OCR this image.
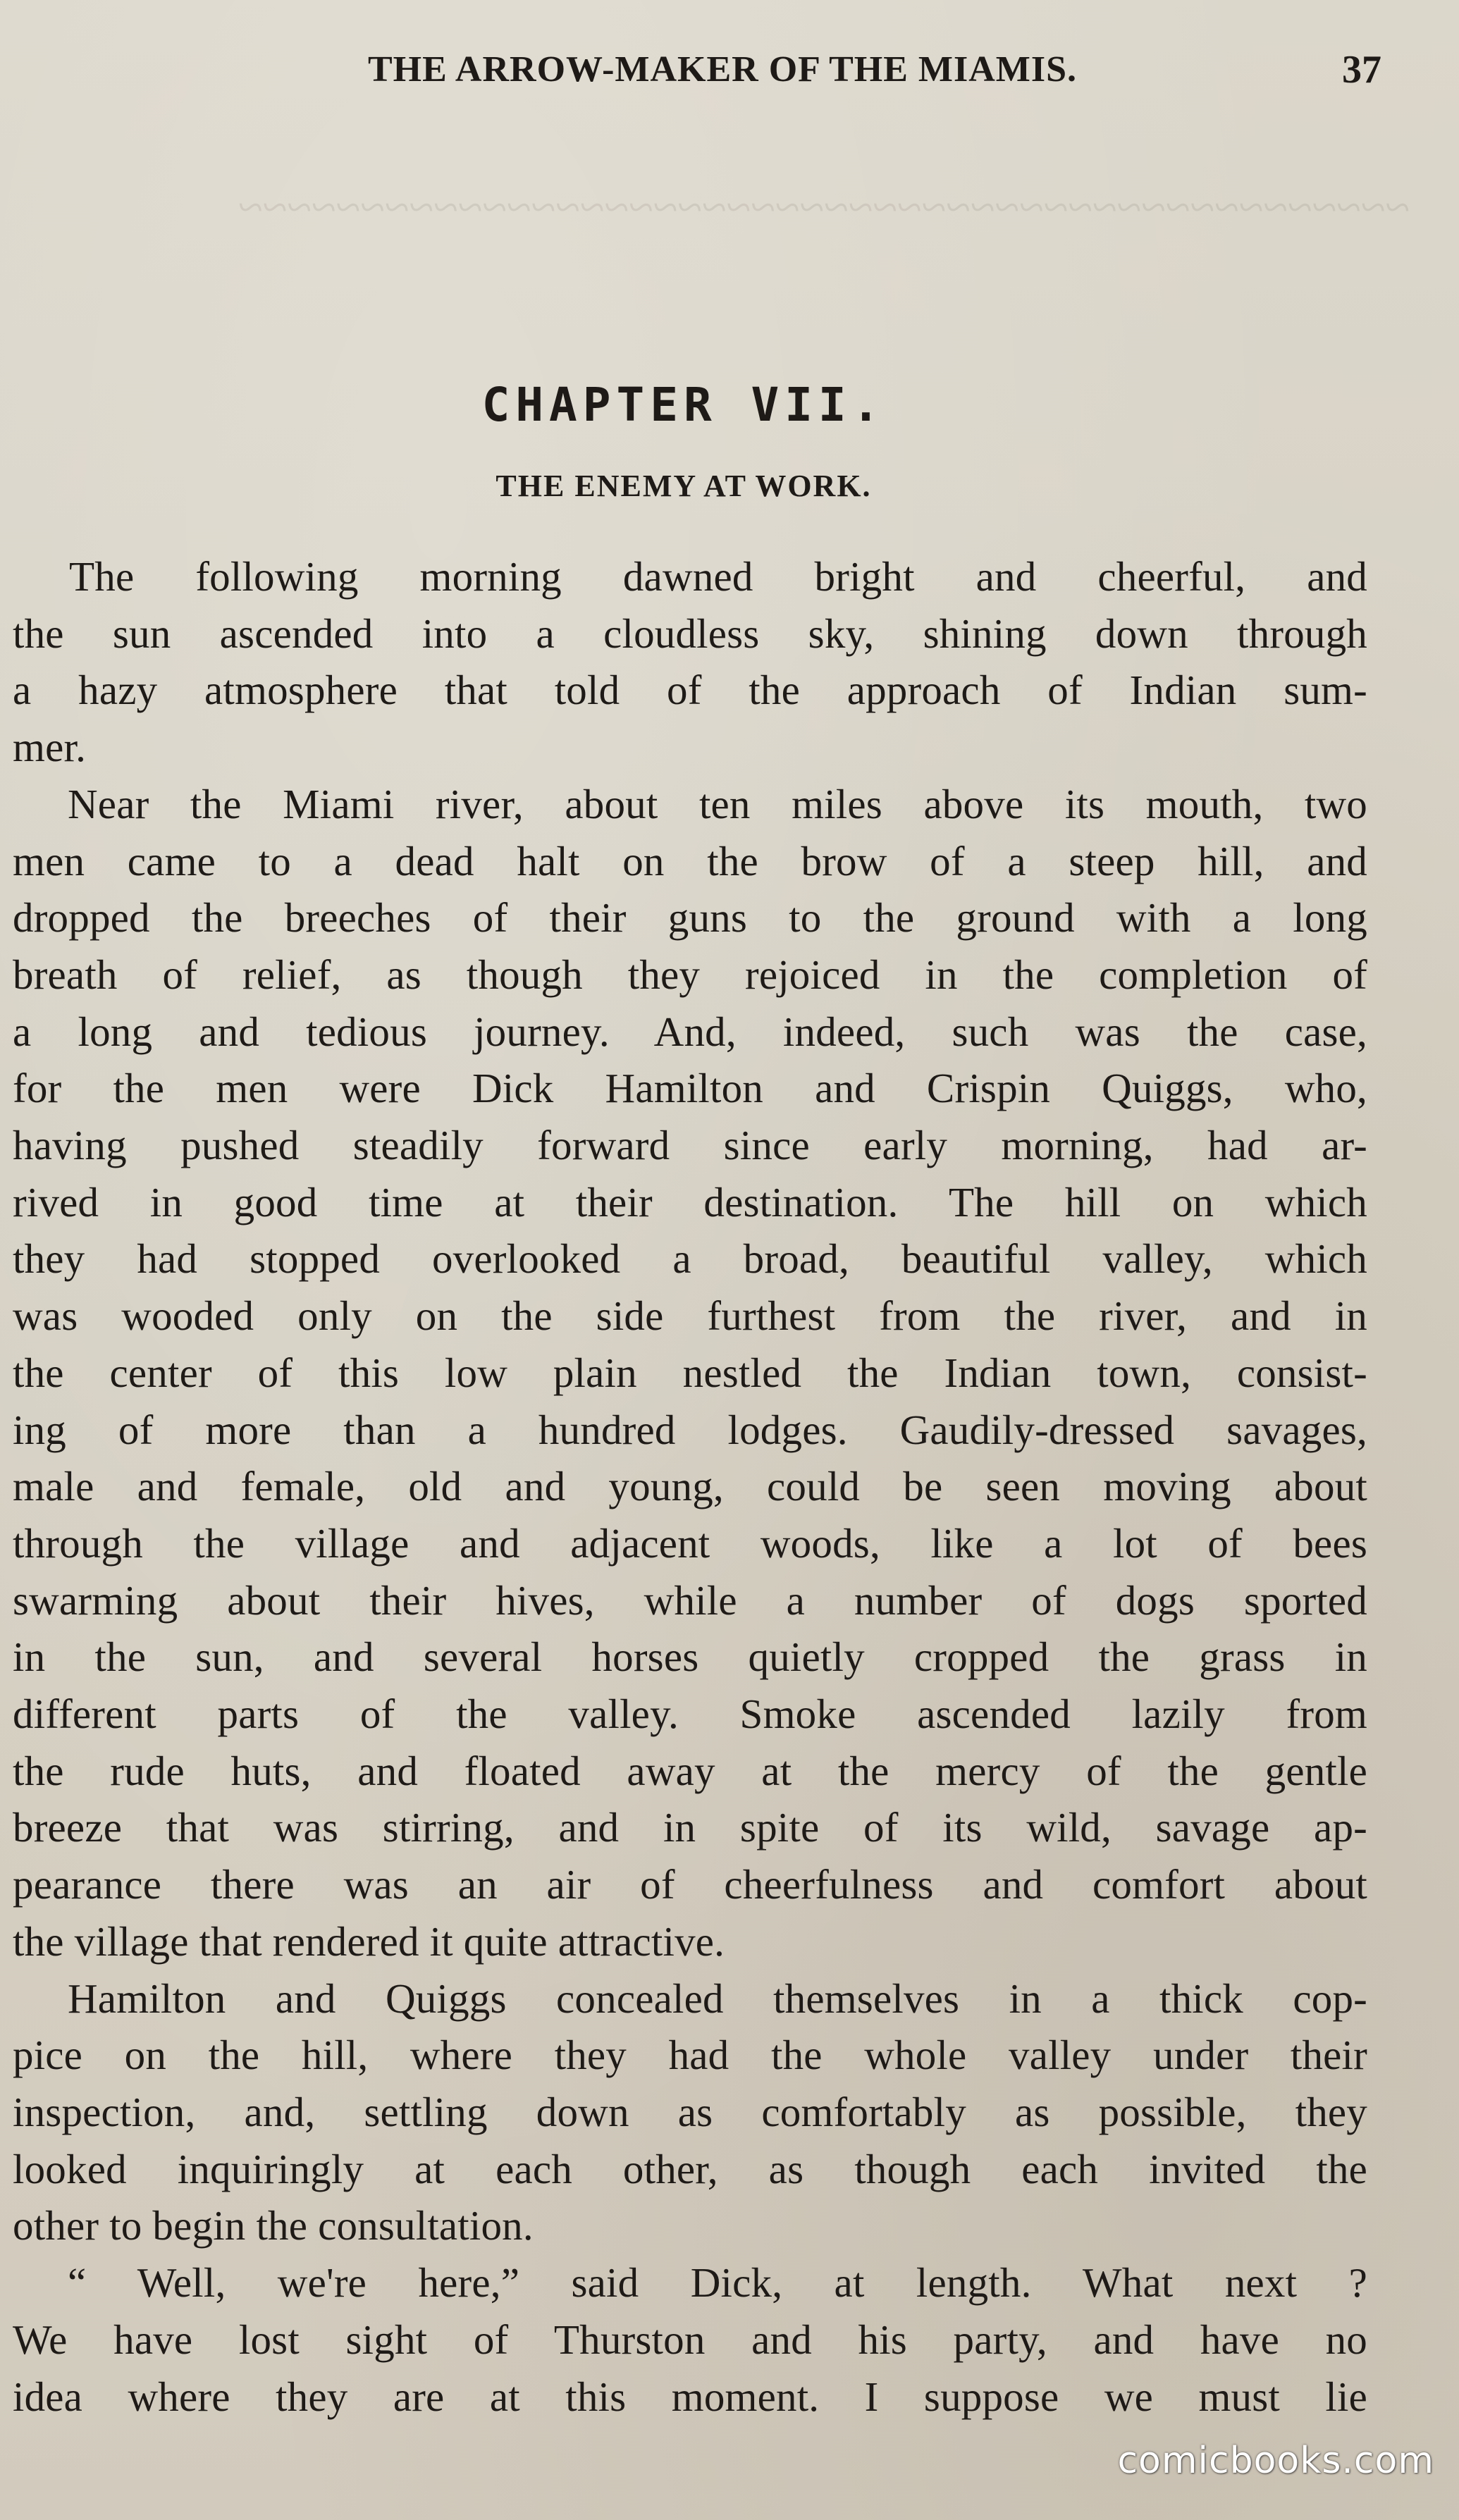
~~~~~~~~~~~~~~~~~~~~~~~~~~~~~~~~~~~~~~~~~~~~~~~~

THE ARROW-MAKER OF THE MIAMIS.	37
CHAPTER VII.
THE ENEMY AT WORK.

The following morning dawned bright and cheerful, and
the sun ascended into a cloudless sky, shining down through
a hazy atmosphere that told of the approach of Indian sum-
mer.

Near the Miami river, about ten miles above its mouth, two
men came to a dead halt on the brow of a steep hill, and
dropped the breeches of their guns to the ground with a long
breath of relief, as though they rejoiced in the completion of
a long and tedious journey. And, indeed, such was the case,
for the men were Dick Hamilton and Crispin Quiggs, who,
having pushed steadily forward since early morning, had ar-
rived in good time at their destination. The hill on which
they had stopped overlooked a broad, beautiful valley, which
was wooded only on the side furthest from the river, and in
the center of this low plain nestled the Indian town, consist-
ing of more than a hundred lodges. Gaudily-dressed savages,
male and female, old and young, could be seen moving about
through the village and adjacent woods, like a lot of bees
swarming about their hives, while a number of dogs sported
in the sun, and several horses quietly cropped the grass in
different parts of the valley. Smoke ascended lazily from
the rude huts, and floated away at the mercy of the gentle
breeze that was stirring, and in spite of its wild, savage ap-
pearance there was an air of cheerfulness and comfort about
the village that rendered it quite attractive.

Hamilton and Quiggs concealed themselves in a thick cop-
pice on the hill, where they had the whole valley under their
inspection, and, settling down as comfortably as possible, they
looked inquiringly at each other, as though each invited the
other to begin the consultation.

“ Well, we're here,” said Dick, at length. What next ?
We have lost sight of Thurston and his party, and have no
idea where they are at this moment. I suppose we must lie

comicbooks.com
